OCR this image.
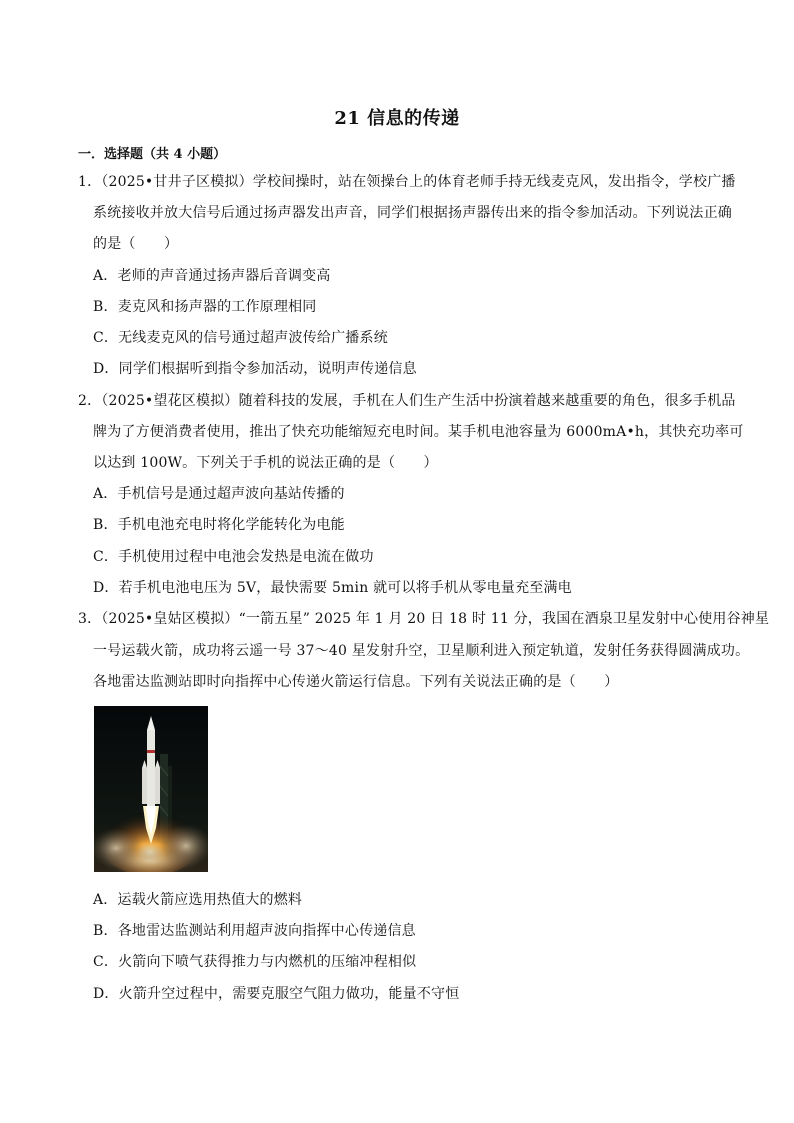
21 信息的传递
一．选择题（共 4 小题）
1．（2025•甘井子区模拟）学校间操时，站在领操台上的体育老师手持无线麦克风，发出指令，学校广播
系统接收并放大信号后通过扬声器发出声音，同学们根据扬声器传出来的指令参加活动。下列说法正确
的是（　　）
A．老师的声音通过扬声器后音调变高
B．麦克风和扬声器的工作原理相同
C．无线麦克风的信号通过超声波传给广播系统
D．同学们根据听到指令参加活动，说明声传递信息
2．（2025•望花区模拟）随着科技的发展，手机在人们生产生活中扮演着越来越重要的角色，很多手机品
牌为了方便消费者使用，推出了快充功能缩短充电时间。某手机电池容量为 6000mA•h，其快充功率可
以达到 100W。下列关于手机的说法正确的是（　　）
A．手机信号是通过超声波向基站传播的
B．手机电池充电时将化学能转化为电能
C．手机使用过程中电池会发热是电流在做功
D．若手机电池电压为 5V，最快需要 5min 就可以将手机从零电量充至满电
3．（2025•皇姑区模拟）“一箭五星” 2025 年 1 月 20 日 18 时 11 分，我国在酒泉卫星发射中心使用谷神星
一号运载火箭，成功将云遥一号 37～40 星发射升空，卫星顺利进入预定轨道，发射任务获得圆满成功。
各地雷达监测站即时向指挥中心传递火箭运行信息。下列有关说法正确的是（　　）
A．运载火箭应选用热值大的燃料
B．各地雷达监测站利用超声波向指挥中心传递信息
C．火箭向下喷气获得推力与内燃机的压缩冲程相似
D．火箭升空过程中，需要克服空气阻力做功，能量不守恒
